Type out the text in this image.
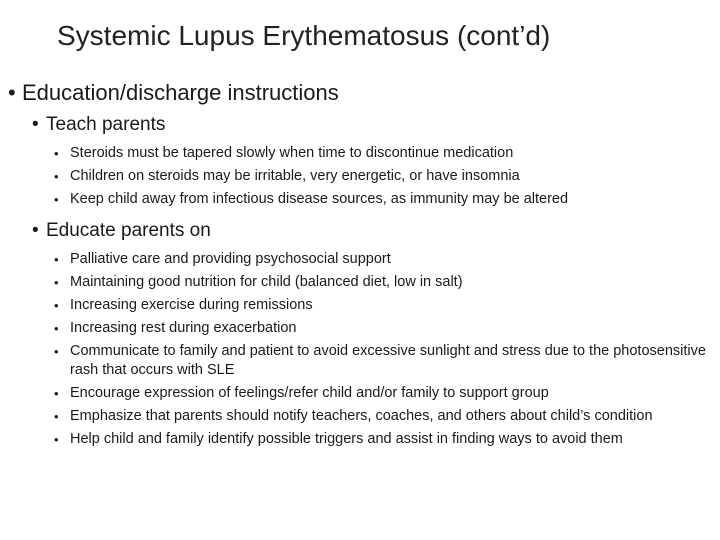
Systemic Lupus Erythematosus (cont’d)
• Education/discharge instructions
• Teach parents
• Steroids must be tapered slowly when time to discontinue medication
• Children on steroids may be irritable, very energetic, or have insomnia
• Keep child away from infectious disease sources, as immunity may be altered
• Educate parents on
• Palliative care and providing psychosocial support
• Maintaining good nutrition for child (balanced diet, low in salt)
• Increasing exercise during remissions
• Increasing rest during exacerbation
• Communicate to family and patient to avoid excessive sunlight and stress due to the photosensitive rash that occurs with SLE
• Encourage expression of feelings/refer child and/or family to support group
• Emphasize that parents should notify teachers, coaches, and others about child’s condition
• Help child and family identify possible triggers and assist in finding ways to avoid them
